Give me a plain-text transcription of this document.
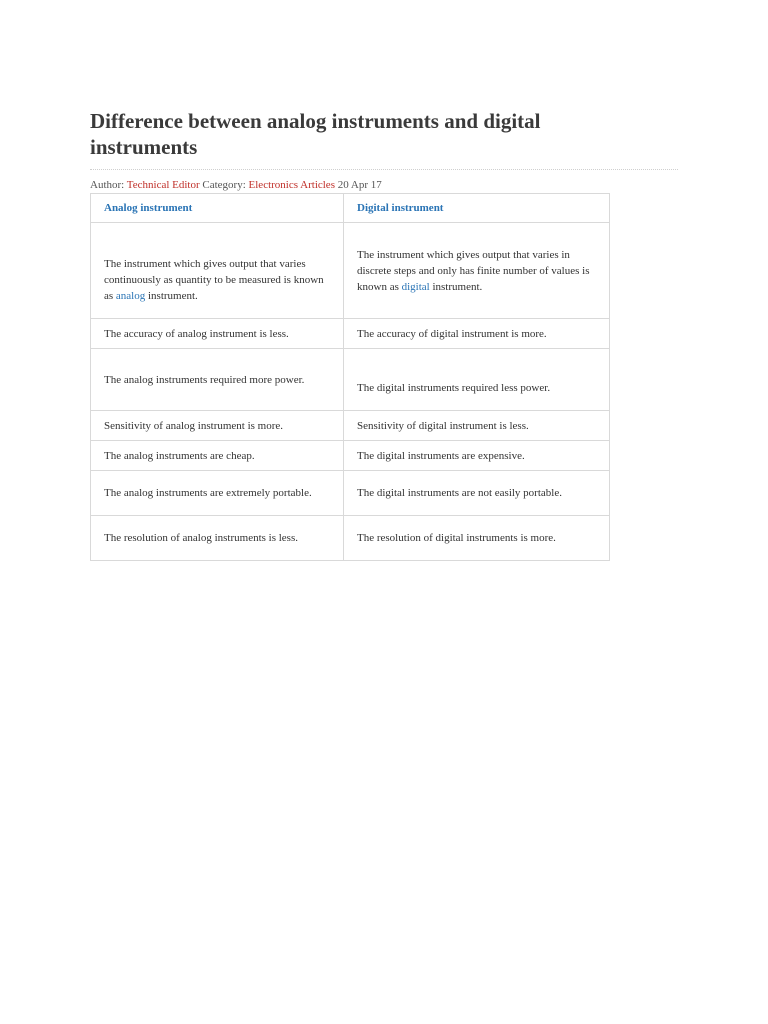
Difference between analog instruments and digital instruments
Author: Technical Editor Category: Electronics Articles 20 Apr 17
Analog instrument	Digital instrument
The instrument which gives output that varies continuously as quantity to be measured is known as analog instrument.	The instrument which gives output that varies in discrete steps and only has finite number of values is known as digital instrument.
The accuracy of analog instrument is less.	The accuracy of digital instrument is more.
The analog instruments required more power.	The digital instruments required less power.
Sensitivity of analog instrument is more.	Sensitivity of digital instrument is less.
The analog instruments are cheap.	The digital instruments are expensive.
The analog instruments are extremely portable.	The digital instruments are not easily portable.
The resolution of analog instruments is less.	The resolution of digital instruments is more.
